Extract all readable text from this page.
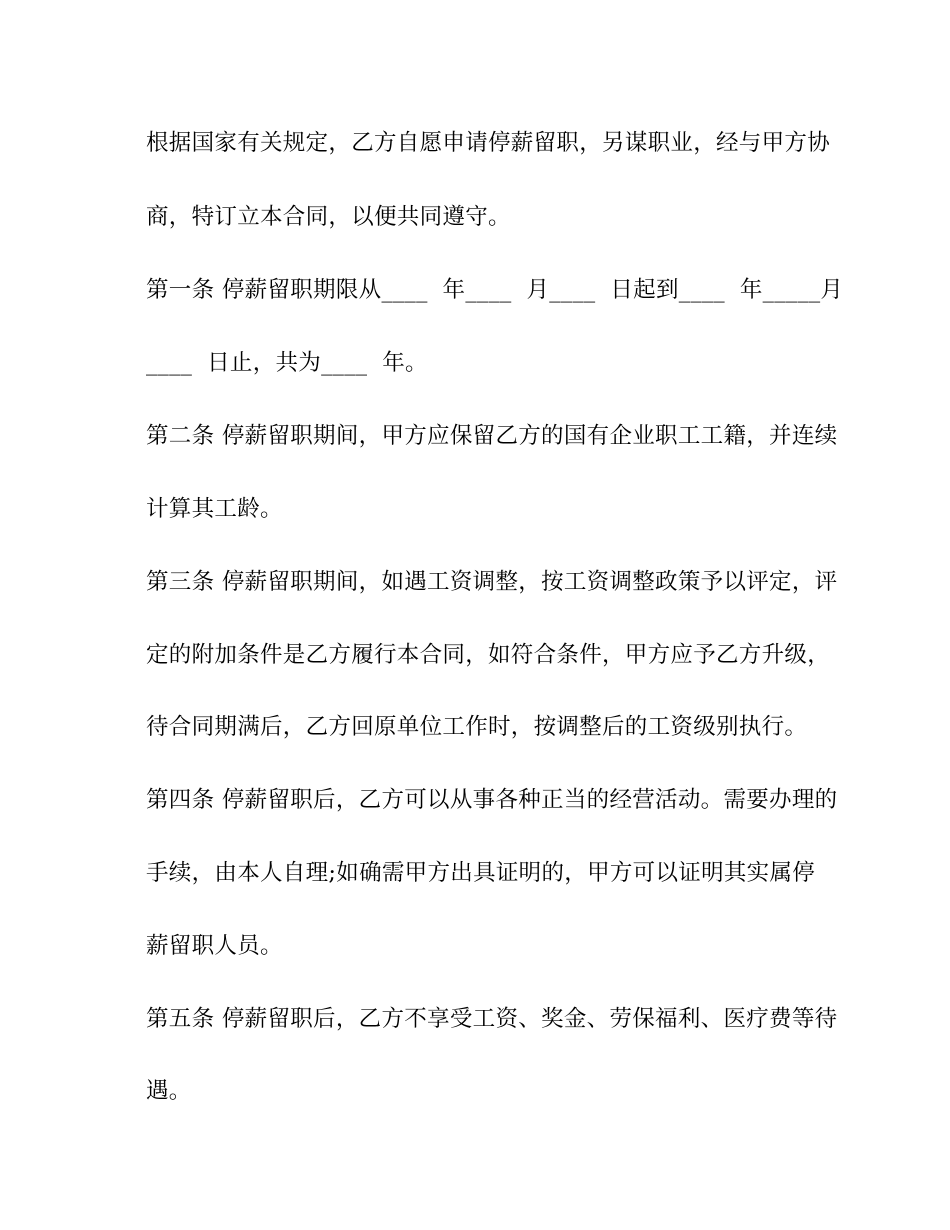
根据国家有关规定，乙方自愿申请停薪留职，另谋职业，经与甲方协
商，特订立本合同，以便共同遵守。
第一条 停薪留职期限从____  年____  月____  日起到____  年_____月
____  日止，共为____  年。
第二条 停薪留职期间，甲方应保留乙方的国有企业职工工籍，并连续
计算其工龄。
第三条 停薪留职期间，如遇工资调整，按工资调整政策予以评定，评
定的附加条件是乙方履行本合同，如符合条件，甲方应予乙方升级，
待合同期满后，乙方回原单位工作时，按调整后的工资级别执行。
第四条 停薪留职后，乙方可以从事各种正当的经营活动。需要办理的
手续，由本人自理;如确需甲方出具证明的，甲方可以证明其实属停
薪留职人员。
第五条 停薪留职后，乙方不享受工资、奖金、劳保福利、医疗费等待
遇。
